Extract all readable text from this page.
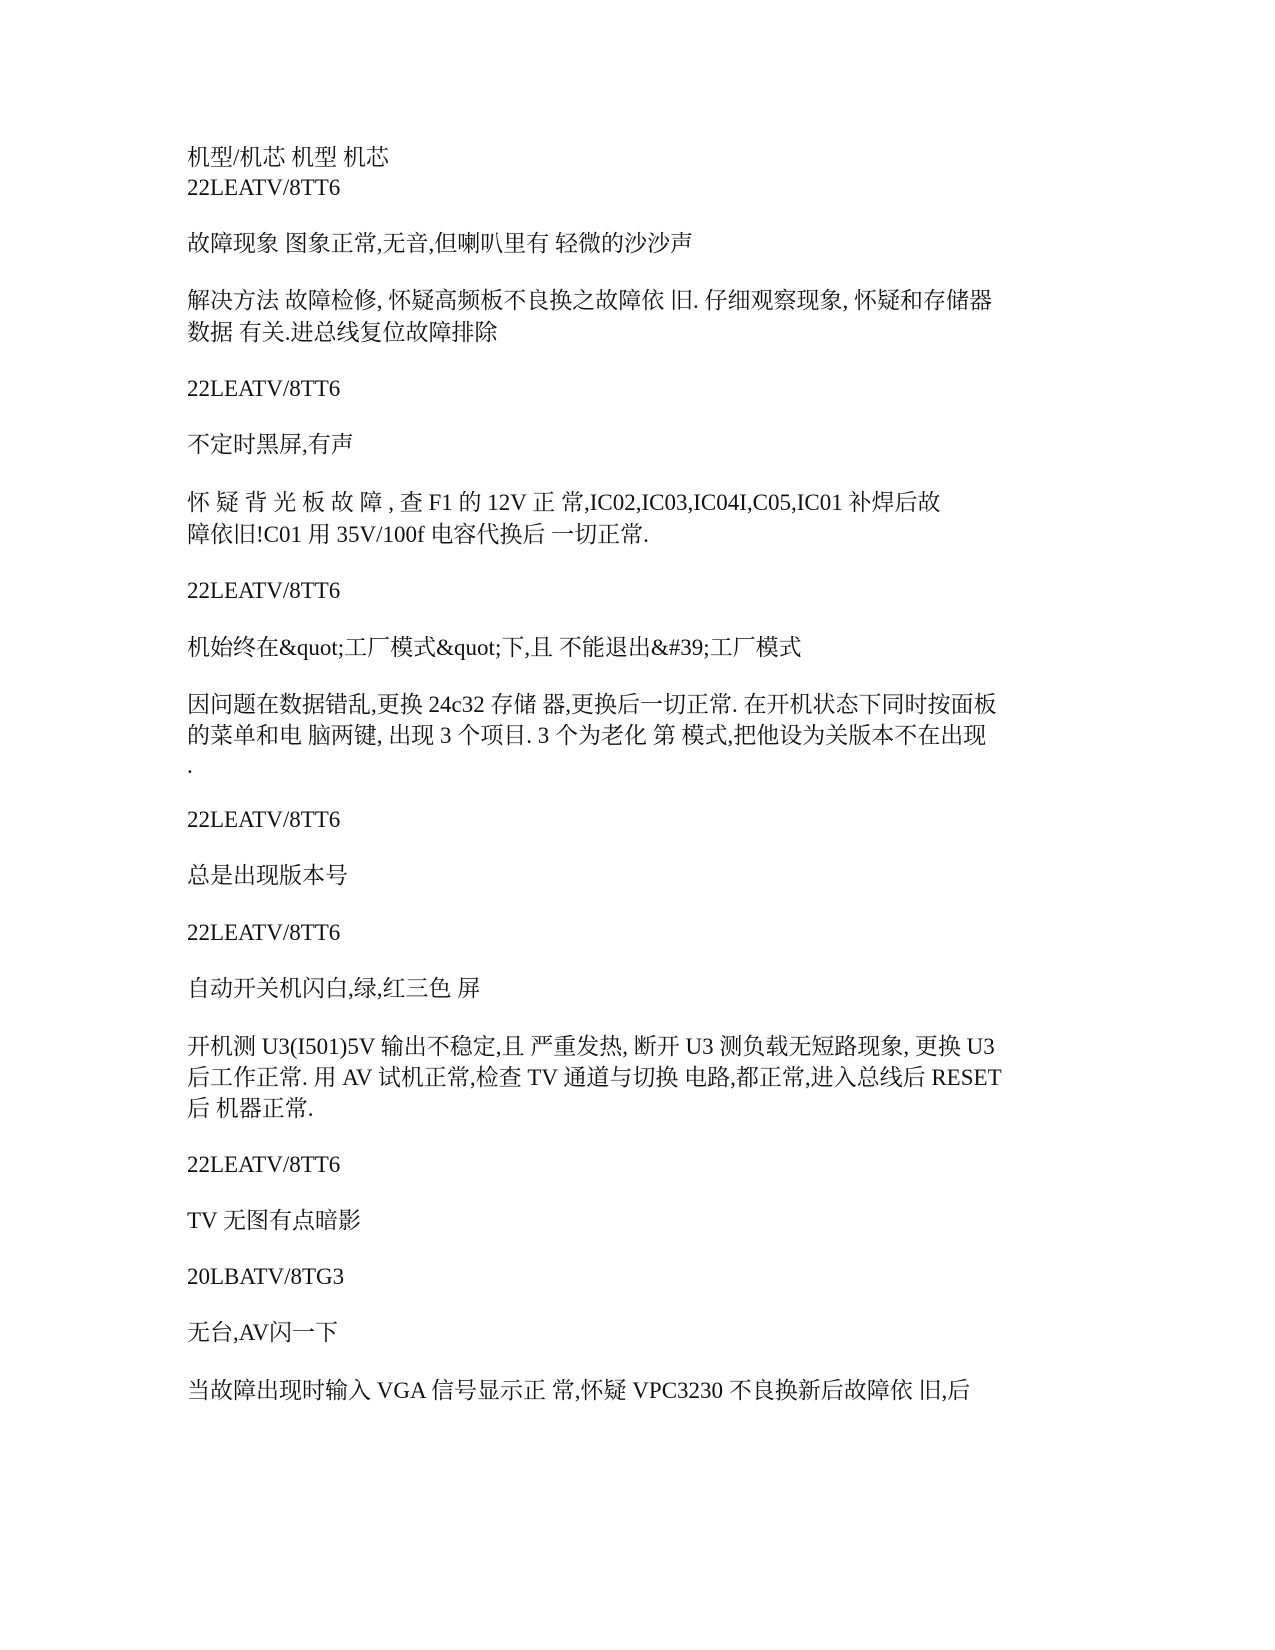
机型/机芯 机型 机芯
22LEATV/8TT6
故障现象 图象正常,无音,但喇叭里有 轻微的沙沙声
解决方法 故障检修, 怀疑高频板不良换之故障依 旧. 仔细观察现象, 怀疑和存储器
数据 有关.进总线复位故障排除
22LEATV/8TT6
不定时黑屏,有声
怀 疑 背 光 板 故 障 , 查 F1 的 12V 正 常,IC02,IC03,IC04I,C05,IC01 补焊后故
障依旧!C01 用 35V/100f 电容代换后 一切正常.
22LEATV/8TT6
机始终在&quot;工厂模式&quot;下,且 不能退出&#39;工厂模式
因问题在数据错乱,更换 24c32 存储 器,更换后一切正常. 在开机状态下同时按面板
的菜单和电 脑两键, 出现 3 个项目. 3 个为老化 第 模式,把他设为关版本不在出现
.
22LEATV/8TT6
总是出现版本号
22LEATV/8TT6
自动开关机闪白,绿,红三色 屏
开机测 U3(I501)5V 输出不稳定,且 严重发热, 断开 U3 测负载无短路现象, 更换 U3
后工作正常. 用 AV 试机正常,检查 TV 通道与切换 电路,都正常,进入总线后 RESET
后 机器正常.
22LEATV/8TT6
TV 无图有点暗影
20LBATV/8TG3
无台,AV闪一下
当故障出现时输入 VGA 信号显示正 常,怀疑 VPC3230 不良换新后故障依 旧,后
